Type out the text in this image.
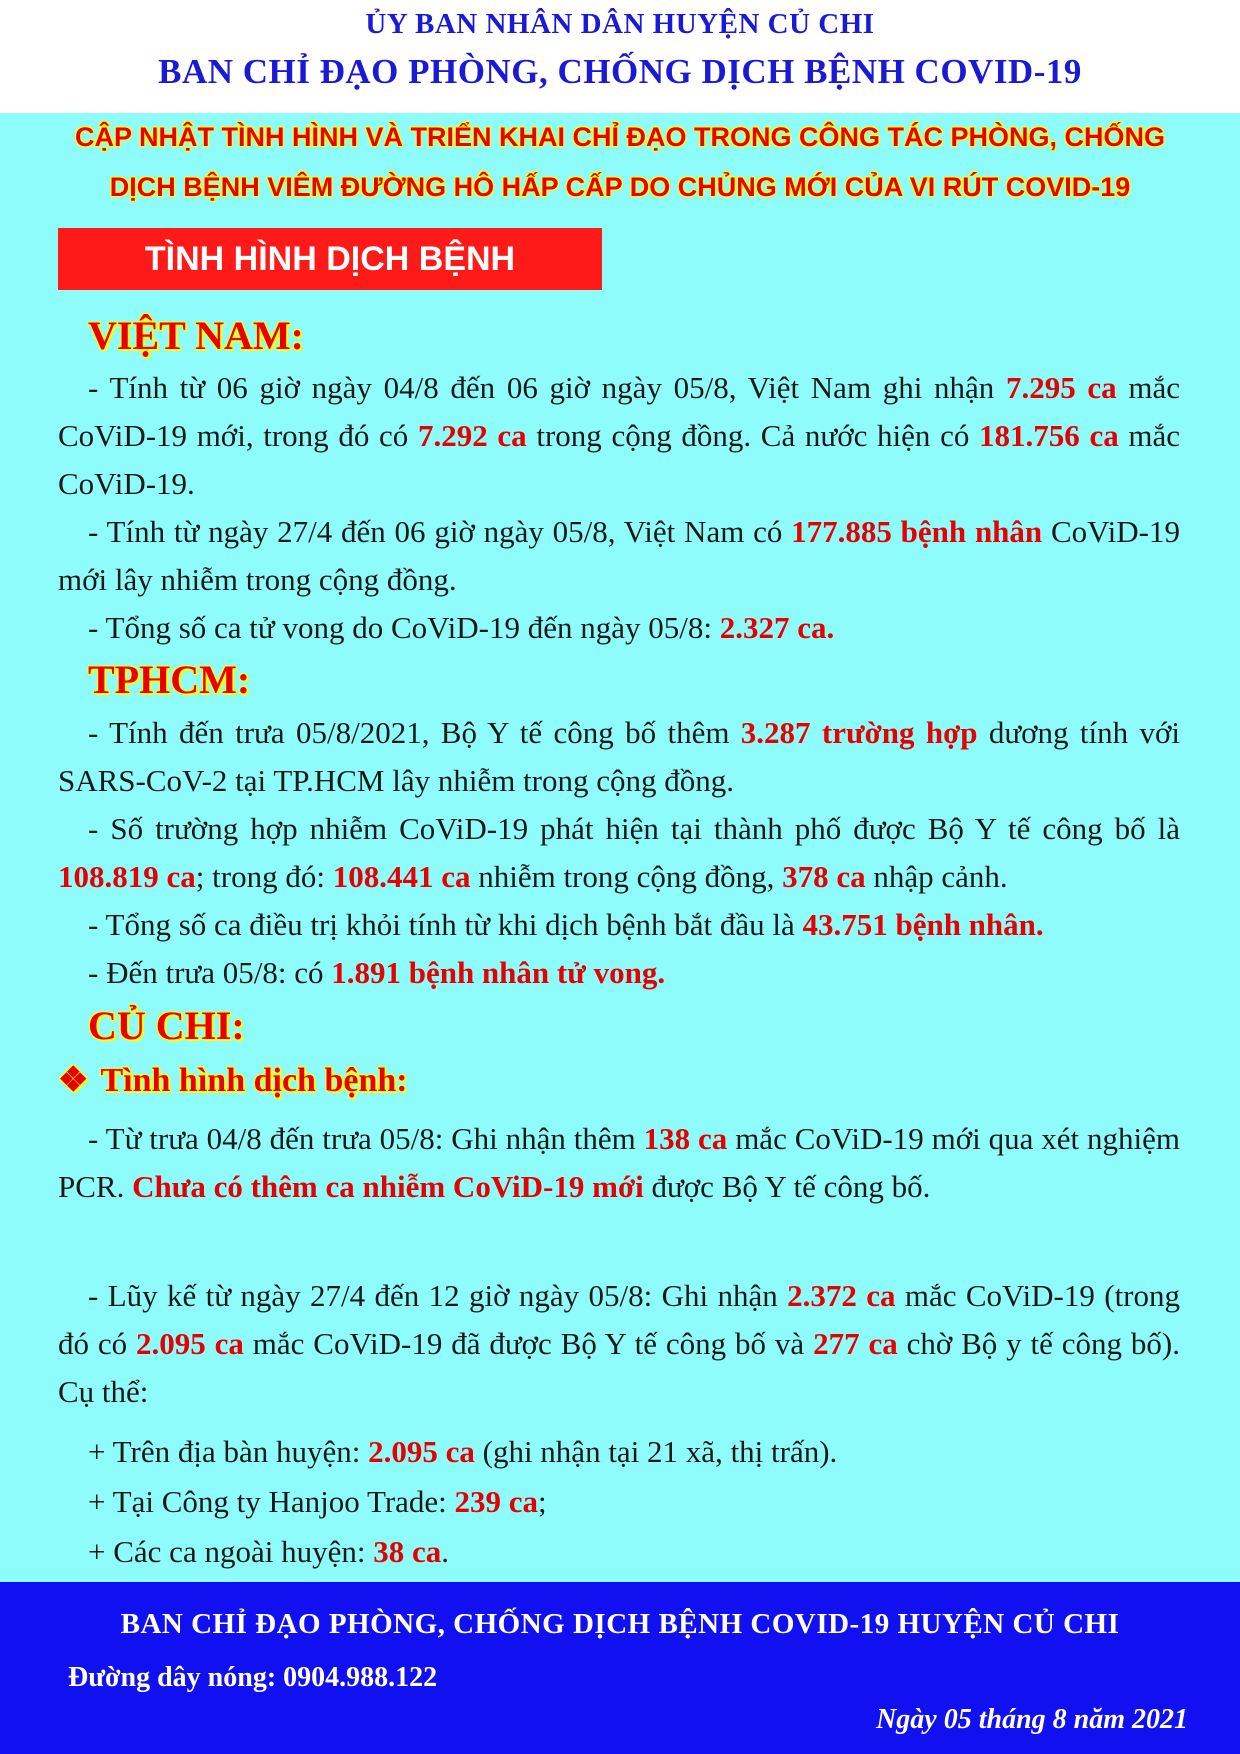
ỦY BAN NHÂN DÂN HUYỆN CỦ CHI
BAN CHỈ ĐẠO PHÒNG, CHỐNG DỊCH BỆNH COVID-19
CẬP NHẬT TÌNH HÌNH VÀ TRIỂN KHAI CHỈ ĐẠO TRONG CÔNG TÁC PHÒNG, CHỐNG
DỊCH BỆNH VIÊM ĐƯỜNG HÔ HẤP CẤP DO CHỦNG MỚI CỦA VI RÚT COVID-19
TÌNH HÌNH DỊCH BỆNH
VIỆT NAM:
- Tính từ 06 giờ ngày 04/8 đến 06 giờ ngày 05/8, Việt Nam ghi nhận 7.295 ca mắc CoViD-19 mới, trong đó có 7.292 ca trong cộng đồng. Cả nước hiện có 181.756 ca mắc CoViD-19.
- Tính từ ngày 27/4 đến 06 giờ ngày 05/8, Việt Nam có 177.885 bệnh nhân CoViD-19 mới lây nhiễm trong cộng đồng.
- Tổng số ca tử vong do CoViD-19 đến ngày 05/8: 2.327 ca.
TPHCM:
- Tính đến trưa 05/8/2021, Bộ Y tế công bố thêm 3.287 trường hợp dương tính với SARS-CoV-2 tại TP.HCM lây nhiễm trong cộng đồng.
- Số trường hợp nhiễm CoViD-19 phát hiện tại thành phố được Bộ Y tế công bố là 108.819 ca; trong đó: 108.441 ca nhiễm trong cộng đồng, 378 ca nhập cảnh.
- Tổng số ca điều trị khỏi tính từ khi dịch bệnh bắt đầu là 43.751 bệnh nhân.
- Đến trưa 05/8: có 1.891 bệnh nhân tử vong.
CỦ CHI:
❖ Tình hình dịch bệnh:
- Từ trưa 04/8 đến trưa 05/8: Ghi nhận thêm 138 ca mắc CoViD-19 mới qua xét nghiệm PCR. Chưa có thêm ca nhiễm CoViD-19 mới được Bộ Y tế công bố.
- Lũy kế từ ngày 27/4 đến 12 giờ ngày 05/8: Ghi nhận 2.372 ca mắc CoViD-19 (trong đó có 2.095 ca mắc CoViD-19 đã được Bộ Y tế công bố và 277 ca chờ Bộ y tế công bố). Cụ thể:
+ Trên địa bàn huyện: 2.095 ca (ghi nhận tại 21 xã, thị trấn).
+ Tại Công ty Hanjoo Trade: 239 ca;
+ Các ca ngoài huyện: 38 ca.
BAN CHỈ ĐẠO PHÒNG, CHỐNG DỊCH BỆNH COVID-19 HUYỆN CỦ CHI
Đường dây nóng: 0904.988.122
Ngày 05 tháng 8 năm 2021
